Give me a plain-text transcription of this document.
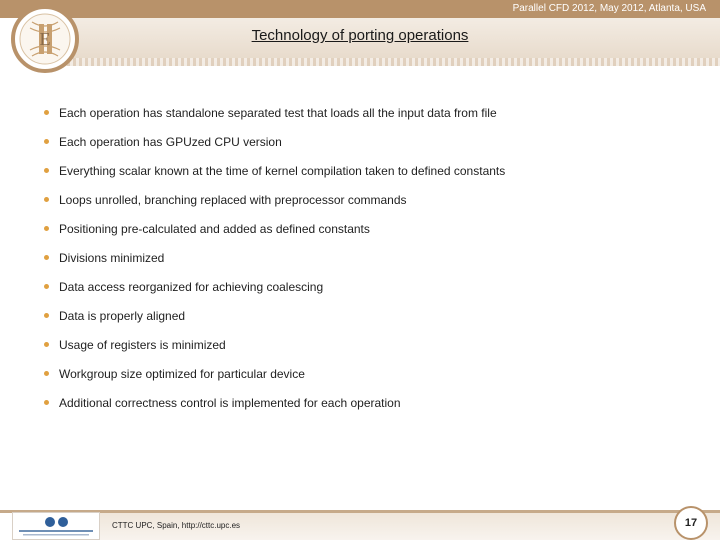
Parallel CFD 2012, May 2012, Atlanta, USA
E	Technology of porting operations
Each operation has standalone separated test that loads all the input data from file
Each operation has GPUzed CPU version
Everything scalar known at the time of kernel compilation taken to defined constants
Loops unrolled, branching replaced with preprocessor commands
Positioning pre-calculated and added as defined constants
Divisions minimized
Data access reorganized for achieving coalescing
Data is properly aligned
Usage of registers is minimized
Workgroup size optimized for particular device
Additional correctness control is implemented for each operation
CTTC UPC, Spain, http://cttc.upc.es	17
